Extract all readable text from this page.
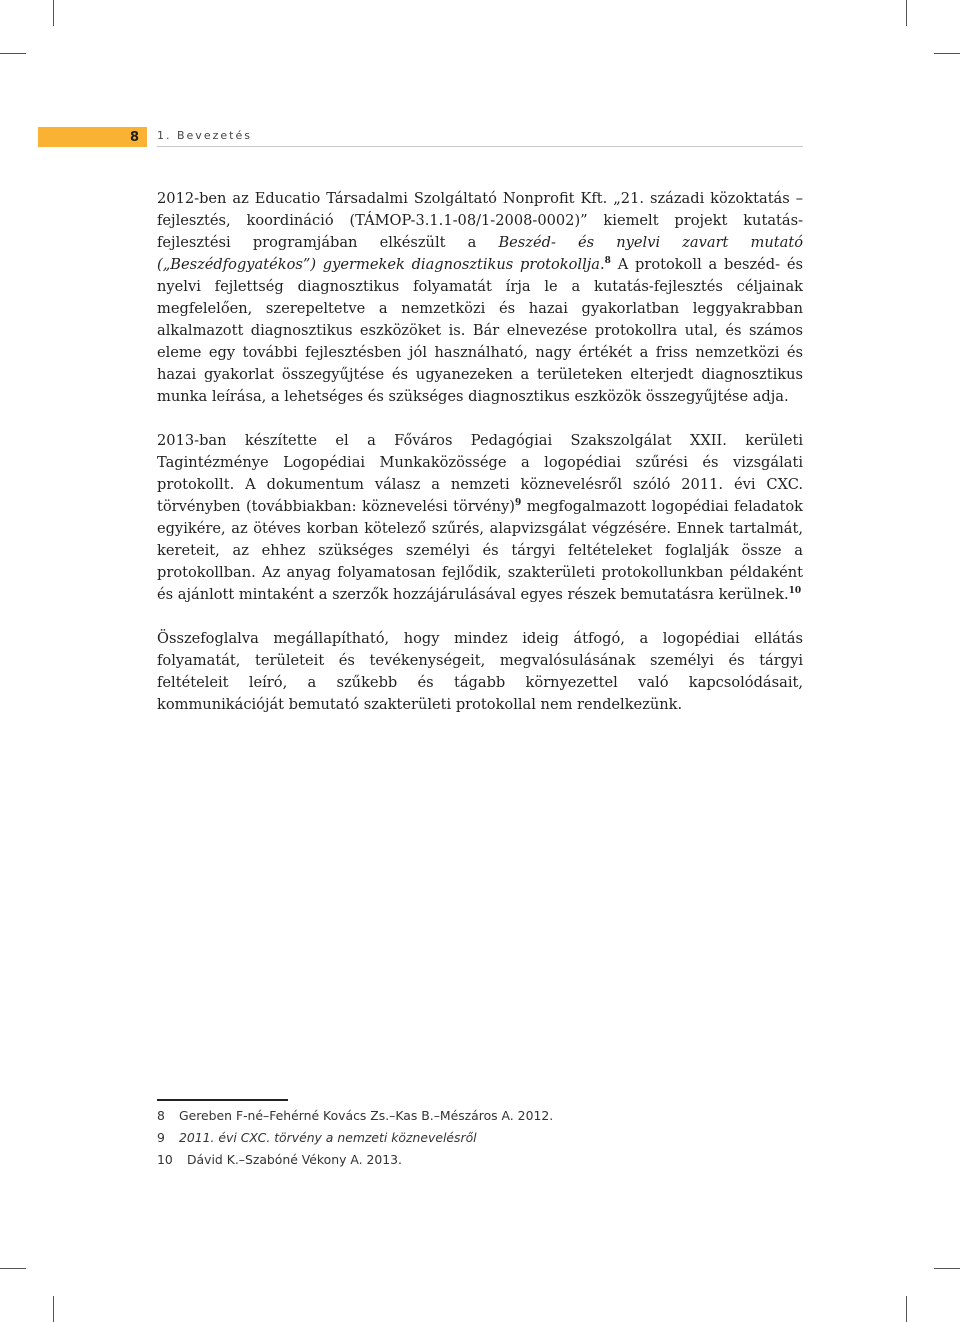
8	1. Bevezetés

2012-ben az Educatio Társadalmi Szolgáltató Nonprofit Kft. „21. századi közoktatás – fejlesztés, koordináció (TÁMOP-3.1.1-08/1-2008-0002)” kiemelt projekt kutatás-fejlesztési programjában elkészült a Beszéd- és nyelvi zavart mutató („Beszédfogyatékos”) gyermekek diagnosztikus protokollja.$^8$ A protokoll a beszéd- és nyelvi fejlettség diagnosztikus folyamatát írja le a kutatás-fejlesztés céljainak megfelelően, szerepeltetve a nemzetközi és hazai gyakorlatban leggyakrabban alkalmazott diagnosztikus eszközöket is. Bár elnevezése protokollra utal, és számos eleme egy további fejlesztésben jól használható, nagy értékét a friss nemzetközi és hazai gyakorlat összegyűjtése és ugyanezeken a területeken elterjedt diagnosztikus munka leírása, a lehetséges és szükséges diagnosztikus eszközök összegyűjtése adja.

2013-ban készítette el a Főváros Pedagógiai Szakszolgálat XXII. kerületi Tagintézménye Logopédiai Munkaközössége a logopédiai szűrési és vizsgálati protokollt. A dokumentum válasz a nemzeti köznevelésről szóló 2011. évi CXC. törvényben (továbbiakban: köznevelési törvény)$^9$ megfogalmazott logopédiai feladatok egyikére, az ötéves korban kötelező szűrés, alapvizsgálat végzésére. Ennek tartalmát, kereteit, az ehhez szükséges személyi és tárgyi feltételeket foglalják össze a protokollban. Az anyag folyamatosan fejlődik, szakterületi protokollunkban példaként és ajánlott mintaként a szerzők hozzájárulásával egyes részek bemutatásra kerülnek.$^{10}$

Összefoglalva megállapítható, hogy mindez ideig átfogó, a logopédiai ellátás folyamatát, területeit és tevékenységeit, megvalósulásának személyi és tárgyi feltételeit leíró, a szűkebb és tágabb környezettel való kapcsolódásait, kommunikációját bemutató szakterületi protokollal nem rendelkezünk.

8	Gereben F-né–Fehérné Kovács Zs.–Kas B.–Mészáros A. 2012.
9	2011. évi CXC. törvény a nemzeti köznevelésről
10	Dávid K.–Szabóné Vékony A. 2013.
